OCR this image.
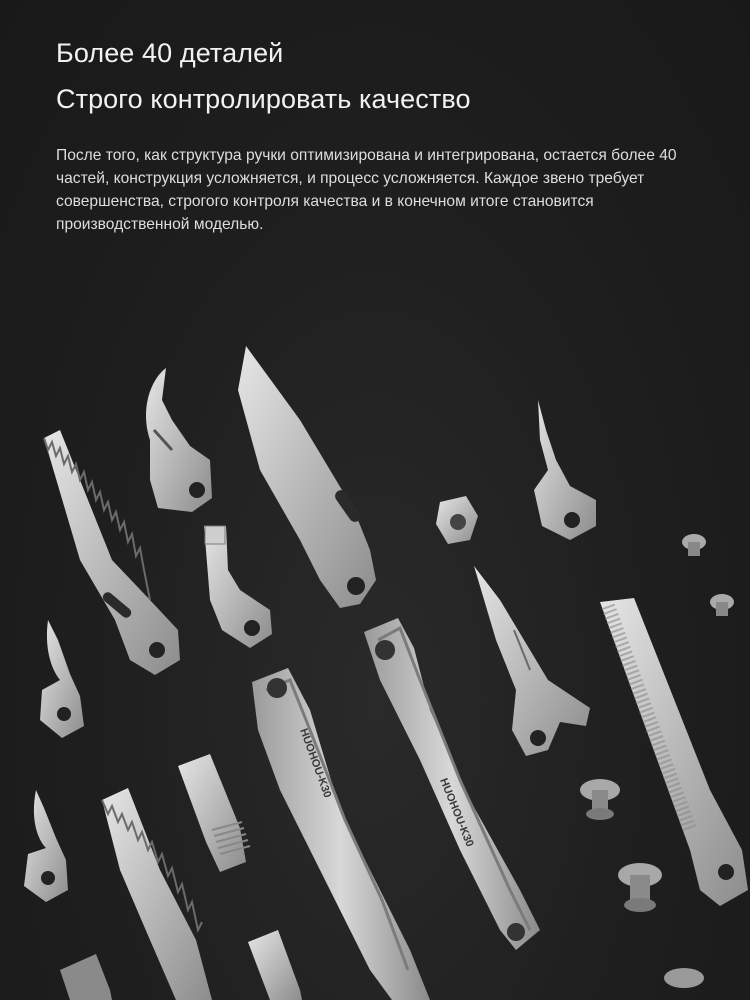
Более 40 деталей
Строго контролировать качество
После того, как структура ручки оптимизирована и интегрирована, остается более 40 частей, конструкция усложняется, и процесс усложняется. Каждое звено требует совершенства, строгого контроля качества и в конечном итоге становится производственной моделью.
HUOHOU-K30
HUOHOU-K30
